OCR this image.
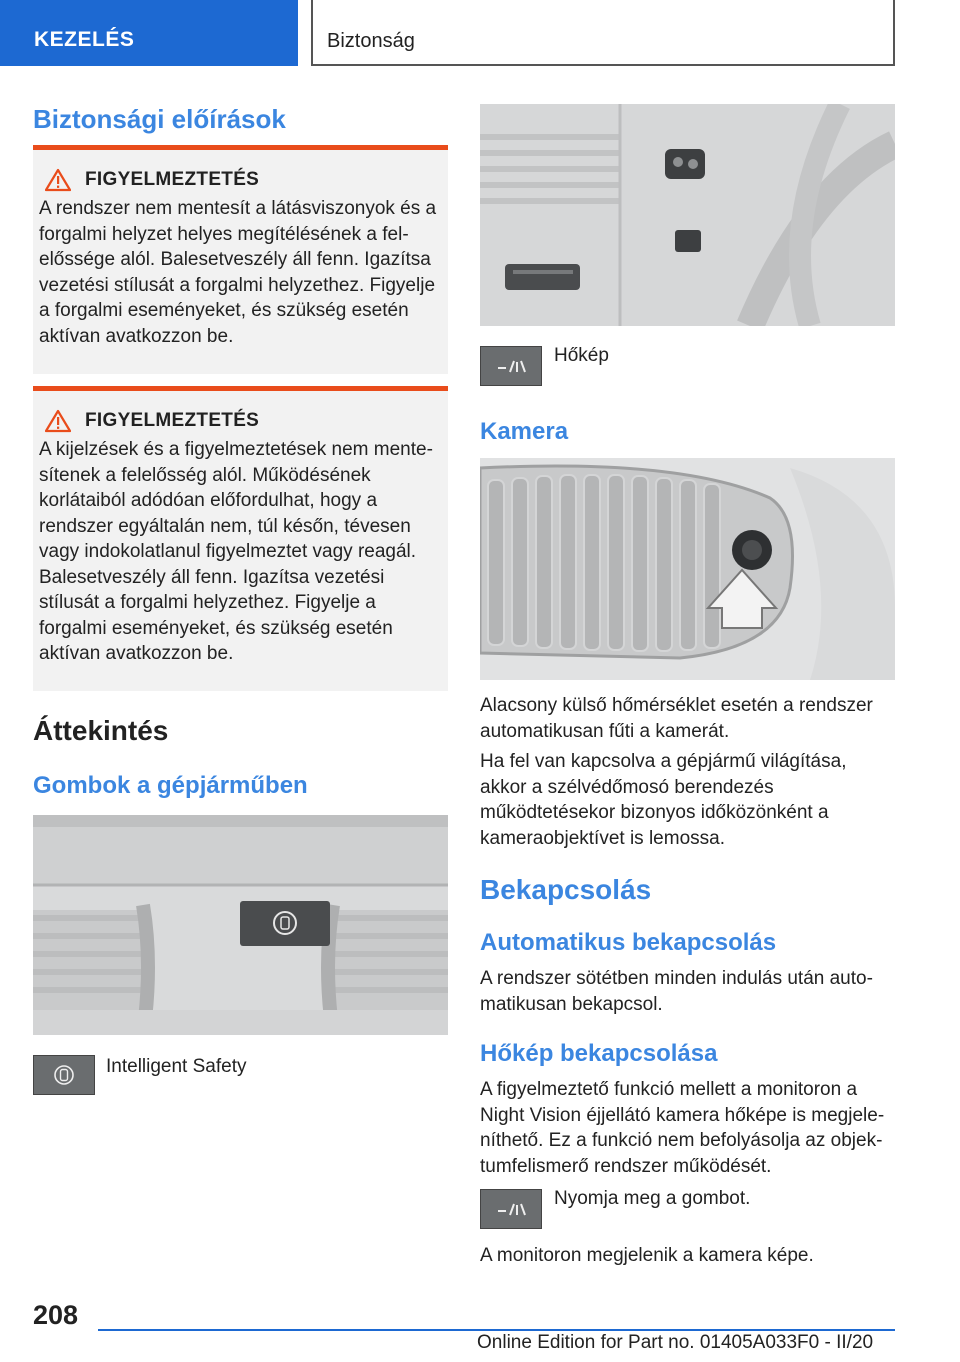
KEZELÉS	Biztonság
Biztonsági előírások
FIGYELMEZTETÉS

A rendszer nem mentesít a látásviszonyok és a forgalmi helyzet helyes megítélésének a felelőssége alól. Balesetveszély áll fenn. Igazítsa vezetési stílusát a forgalmi helyzethez. Figyelje a forgalmi eseményeket, és szükség esetén aktívan avatkozzon be.

FIGYELMEZTETÉS

A kijelzések és a figyelmeztetések nem mentesítenek a felelősség alól. Működésének korlátaiból adódóan előfordulhat, hogy a rendszer egyáltalán nem, túl későn, tévesen vagy indokolatlanul figyelmeztet vagy reagál. Balesetveszély áll fenn. Igazítsa vezetési stílusát a forgalmi helyzethez. Figyelje a forgalmi eseményeket, és szükség esetén aktívan avatkozzon be.

Áttekintés
Gombok a gépjárműben
Intelligent Safety
Hőkép
Kamera

Alacsony külső hőmérséklet esetén a rendszer automatikusan fűti a kamerát.

Ha fel van kapcsolva a gépjármű világítása, akkor a szélvédőmosó berendezés működtetésekor bizonyos időközönként a kameraobjektívet is lemossa.

Bekapcsolás
Automatikus bekapcsolás

A rendszer sötétben minden indulás után automatikusan bekapcsol.

Hőkép bekapcsolása

A figyelmeztető funkció mellett a monitoron a Night Vision éjjellátó kamera hőképe is megjeleníthető. Ez a funkció nem befolyásolja az objektumfelismerő rendszer működését.

Nyomja meg a gombot.

A monitoron megjelenik a kamera képe.

208
Online Edition for Part no. 01405A033F0 - II/20
